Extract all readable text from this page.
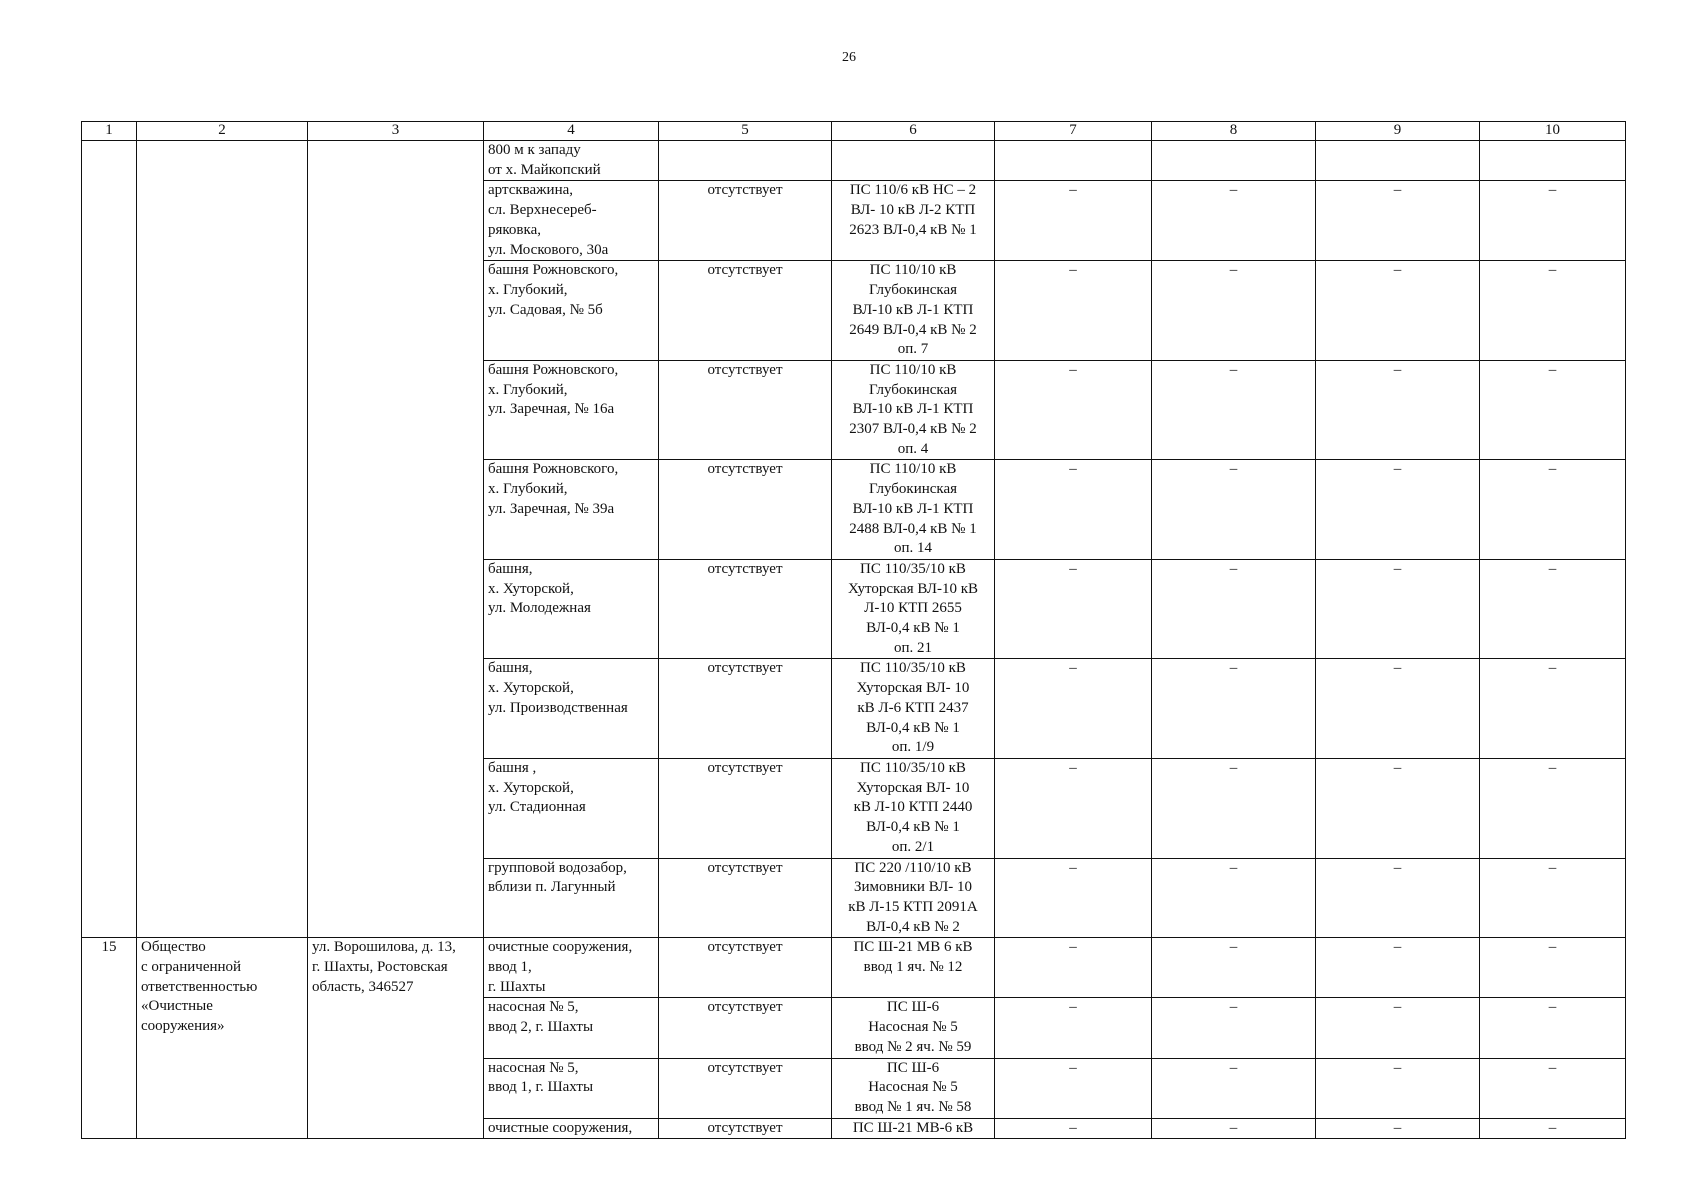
26
1	2	3	4	5	6	7	8	9	10
			800 м к западу
от х. Майкопский						
			артскважина,
сл. Верхнесереб-
ряковка,
ул. Москового, 30а	отсутствует	ПС 110/6 кВ НС – 2
ВЛ- 10 кВ Л-2 КТП
2623 ВЛ-0,4 кВ № 1	–	–	–	–
			башня Рожновского,
х. Глубокий,
ул. Садовая, № 5б	отсутствует	ПС 110/10 кВ
Глубокинская
ВЛ-10 кВ Л-1 КТП
2649 ВЛ-0,4 кВ № 2
оп. 7	–	–	–	–
			башня Рожновского,
х. Глубокий,
ул. Заречная, № 16а	отсутствует	ПС 110/10 кВ
Глубокинская
ВЛ-10 кВ Л-1 КТП
2307 ВЛ-0,4 кВ № 2
оп. 4	–	–	–	–
			башня Рожновского,
х. Глубокий,
ул. Заречная, № 39а	отсутствует	ПС 110/10 кВ
Глубокинская
ВЛ-10 кВ Л-1 КТП
2488 ВЛ-0,4 кВ № 1
оп. 14	–	–	–	–
			башня,
х. Хуторской,
ул. Молодежная	отсутствует	ПС 110/35/10 кВ
Хуторская ВЛ-10 кВ
Л-10 КТП 2655
ВЛ-0,4 кВ № 1
оп. 21	–	–	–	–
			башня,
х. Хуторской,
ул. Производственная	отсутствует	ПС 110/35/10 кВ
Хуторская ВЛ- 10
кВ Л-6 КТП 2437
ВЛ-0,4 кВ № 1
оп. 1/9	–	–	–	–
			башня ,
х. Хуторской,
ул. Стадионная	отсутствует	ПС 110/35/10 кВ
Хуторская ВЛ- 10
кВ Л-10 КТП 2440
ВЛ-0,4 кВ № 1
оп. 2/1	–	–	–	–
			групповой водозабор,
вблизи п. Лагунный	отсутствует	ПС 220 /110/10 кВ
Зимовники ВЛ- 10
кВ Л-15 КТП 2091А
ВЛ-0,4 кВ № 2	–	–	–	–
15	Общество
с ограниченной
ответственностью
«Очистные
сооружения»	ул. Ворошилова, д. 13,
г. Шахты, Ростовская
область, 346527	очистные сооружения,
ввод 1,
г. Шахты	отсутствует	ПС Ш-21 МВ 6 кВ
ввод 1 яч. № 12	–	–	–	–
			насосная № 5,
ввод 2, г. Шахты	отсутствует	ПС Ш-6
Насосная № 5
ввод № 2 яч. № 59	–	–	–	–
			насосная № 5,
ввод 1, г. Шахты	отсутствует	ПС Ш-6
Насосная № 5
ввод № 1 яч. № 58	–	–	–	–
			очистные сооружения,	отсутствует	ПС Ш-21 МВ-6 кВ	–	–	–	–
